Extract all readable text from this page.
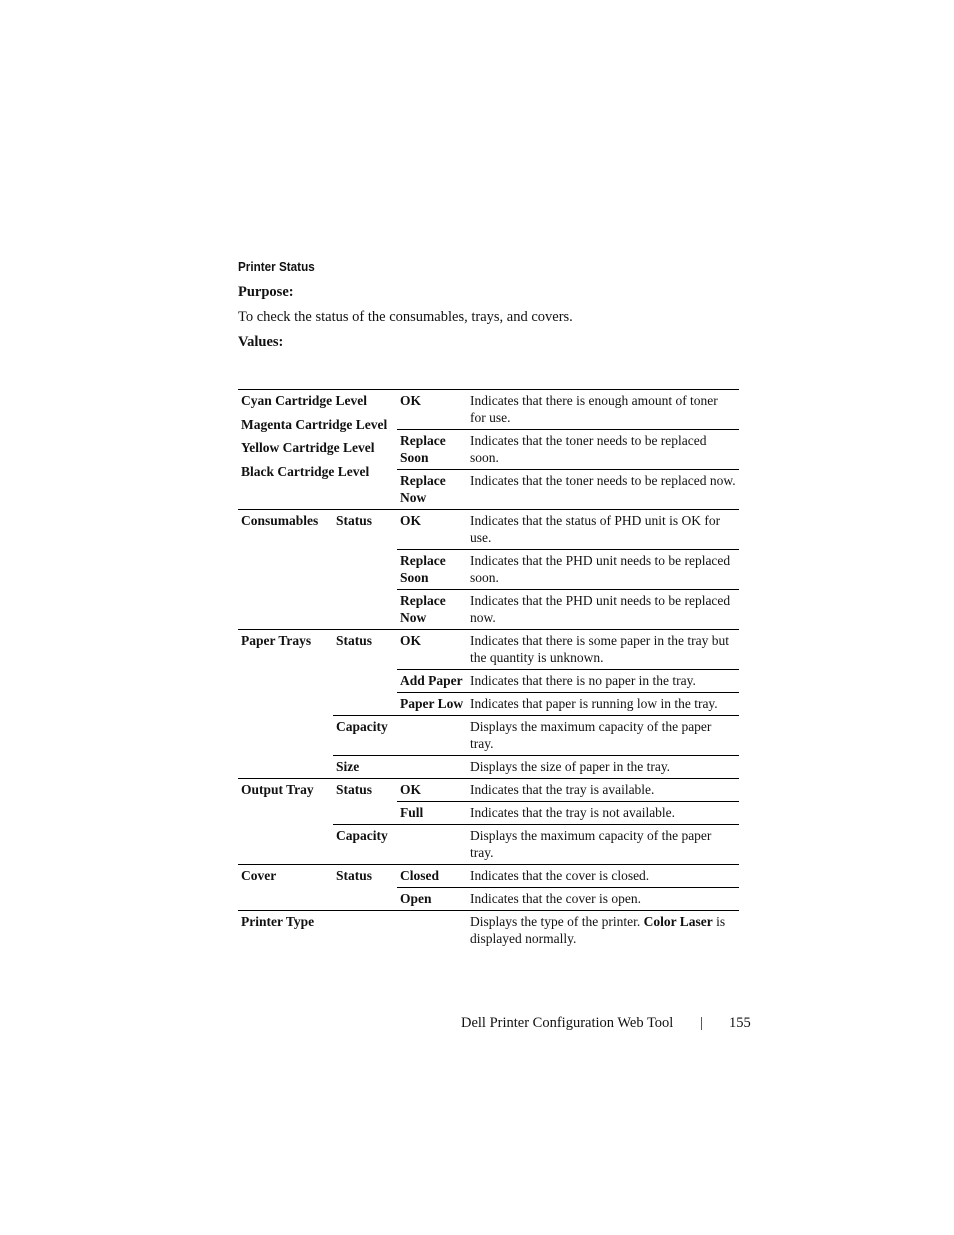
Printer Status
Purpose:
To check the status of the consumables, trays, and covers.
Values:

Cyan Cartridge Level

Magenta Cartridge Level

Yellow Cartridge Level

Black Cartridge Level		OK	Indicates that there is enough amount of toner for use.
		Replace Soon	Indicates that the toner needs to be replaced soon.
		Replace Now	Indicates that the toner needs to be replaced now.
Consumables	Status	OK	Indicates that the status of PHD unit is OK for use.
		Replace Soon	Indicates that the PHD unit needs to be replaced soon.
		Replace Now	Indicates that the PHD unit needs to be replaced now.
Paper Trays	Status	OK	Indicates that there is some paper in the tray but the quantity is unknown.
		Add Paper	Indicates that there is no paper in the tray.
		Paper Low	Indicates that paper is running low in the tray.
	Capacity		Displays the maximum capacity of the paper tray.
	Size		Displays the size of paper in the tray.
Output Tray	Status	OK	Indicates that the tray is available.
		Full	Indicates that the tray is not available.
	Capacity		Displays the maximum capacity of the paper tray.
Cover	Status	Closed	Indicates that the cover is closed.
		Open	Indicates that the cover is open.
Printer Type			Displays the type of the printer. Color Laser is displayed normally.
Dell Printer Configuration Web Tool | 155
